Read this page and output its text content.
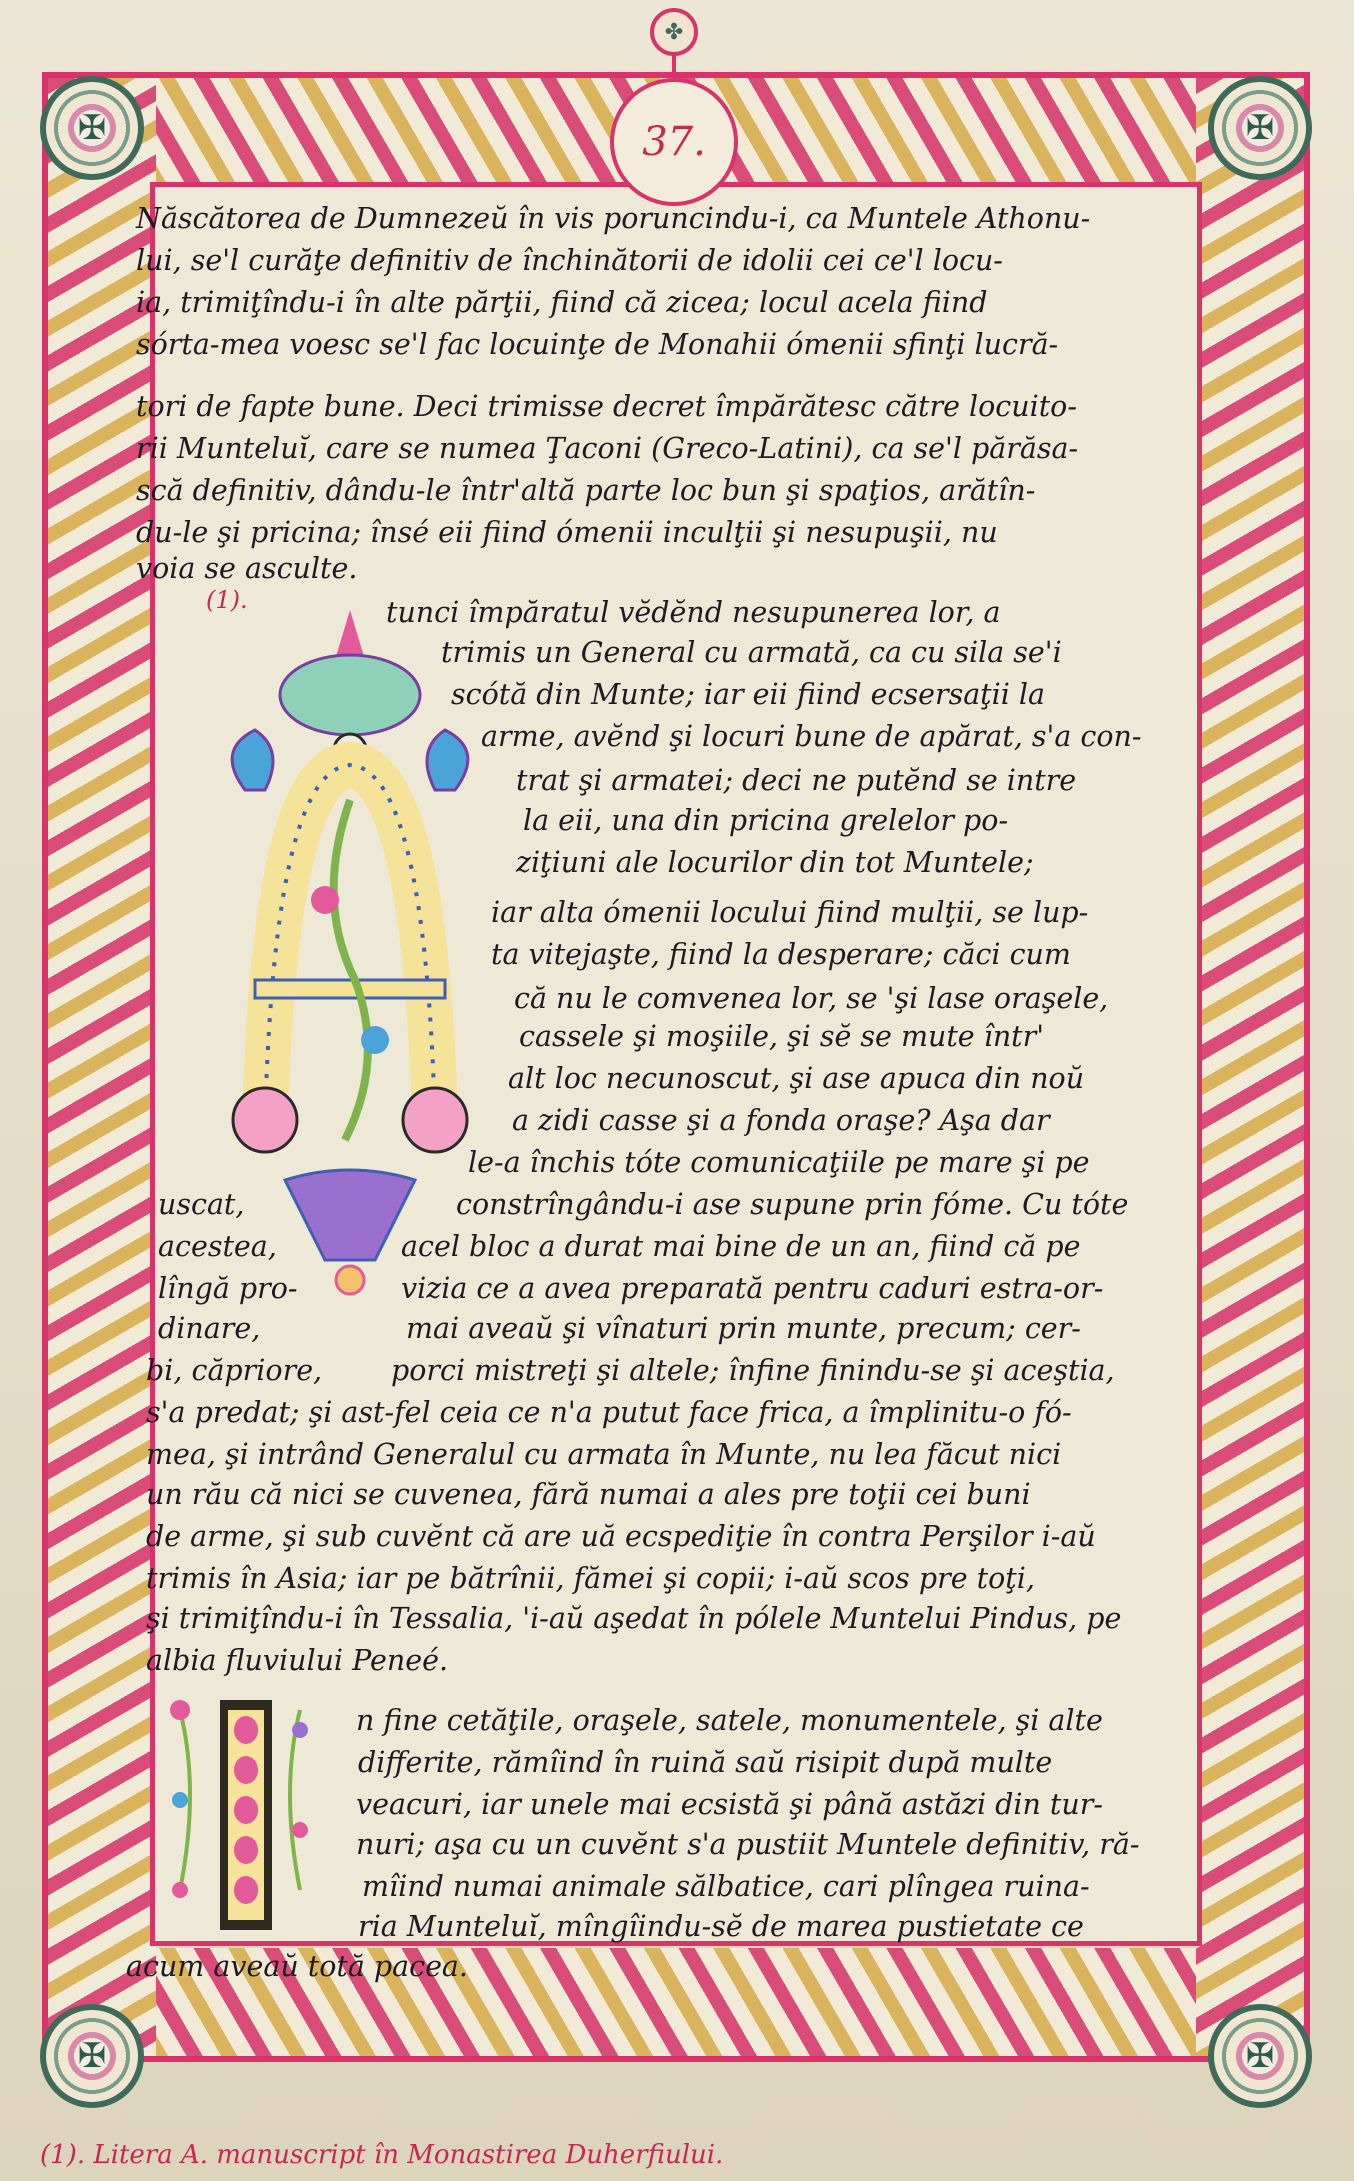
✠	✠
✠	✠
✤
37.
Născătorea de Dumnezeŭ în vis poruncindu-i, ca Muntele Athonu-
lui, se'l curăţe definitiv de închinătorii de idolii cei ce'l locu-
ia, trimiţîndu-i în alte părţii, fiind că zicea; locul acela fiind
sórta-mea voesc se'l fac locuinţe de Monahii ómenii sfinţi lucră-
tori de fapte bune. Deci trimisse decret împărătesc către locuito-
rii Munteluĭ, care se numea Ţaconi (Greco-Latini), ca se'l părăsa-
scă definitiv, dându-le într'altă parte loc bun şi spaţios, arătîn-
du-le şi pricina; însé eii fiind ómenii inculţii şi nesupuşii, nu
voia se asculte.
(1).	tunci împăratul vĕdĕnd nesupunerea lor, a
trimis un General cu armată, ca cu sila se'i
scótă din Munte; iar eii fiind ecsersaţii la
arme, avĕnd şi locuri bune de apărat, s'a con-
trat şi armatei; deci ne putĕnd se intre
la eii, una din pricina grelelor po-
ziţiuni ale locurilor din tot Muntele;
iar alta ómenii locului fiind mulţii, se lup-
ta vitejaşte, fiind la desperare; căci cum
că nu le comvenea lor, se 'şi lase oraşele,
cassele şi moşiile, şi sĕ se mute într'
alt loc necunoscut, şi ase apuca din noŭ
a zidi casse şi a fonda oraşe? Aşa dar
le-a închis tóte comunicaţiile pe mare şi pe
uscat,	constrîngându-i ase supune prin fóme. Cu tóte
acestea,	acel bloc a durat mai bine de un an, fiind că pe
lîngă pro-	vizia ce a avea preparată pentru caduri estra-or-
dinare,	mai aveaŭ şi vînaturi prin munte, precum; cer-
bi, căpriore, porci mistreţi şi altele; înfine finindu-se şi aceştia,
s'a predat; şi ast-fel ceia ce n'a putut face frica, a împlinitu-o fó-
mea, şi intrând Generalul cu armata în Munte, nu lea făcut nici
un rău că nici se cuvenea, fără numai a ales pre toţii cei buni
de arme, şi sub cuvĕnt că are uă ecspediţie în contra Perşilor i-aŭ
trimis în Asia; iar pe bătrînii, fămei şi copii; i-aŭ scos pre toţi,
şi trimiţîndu-i în Tessalia, 'i-aŭ aşedat în pólele Muntelui Pindus, pe
albia fluviului Peneé.
n fine cetăţile, oraşele, satele, monumentele, şi alte
differite, rămîind în ruină saŭ risipit după multe
veacuri, iar unele mai ecsistă şi până astăzi din tur-
nuri; aşa cu un cuvĕnt s'a pustiit Muntele definitiv, ră-
mîind numai animale sălbatice, cari plîngea ruina-
ria Munteluĭ, mîngîindu-sĕ de marea pustietate ce
acum aveaŭ totă pacea.
(1). Litera A. manuscript în Monastirea Duherfiului.
